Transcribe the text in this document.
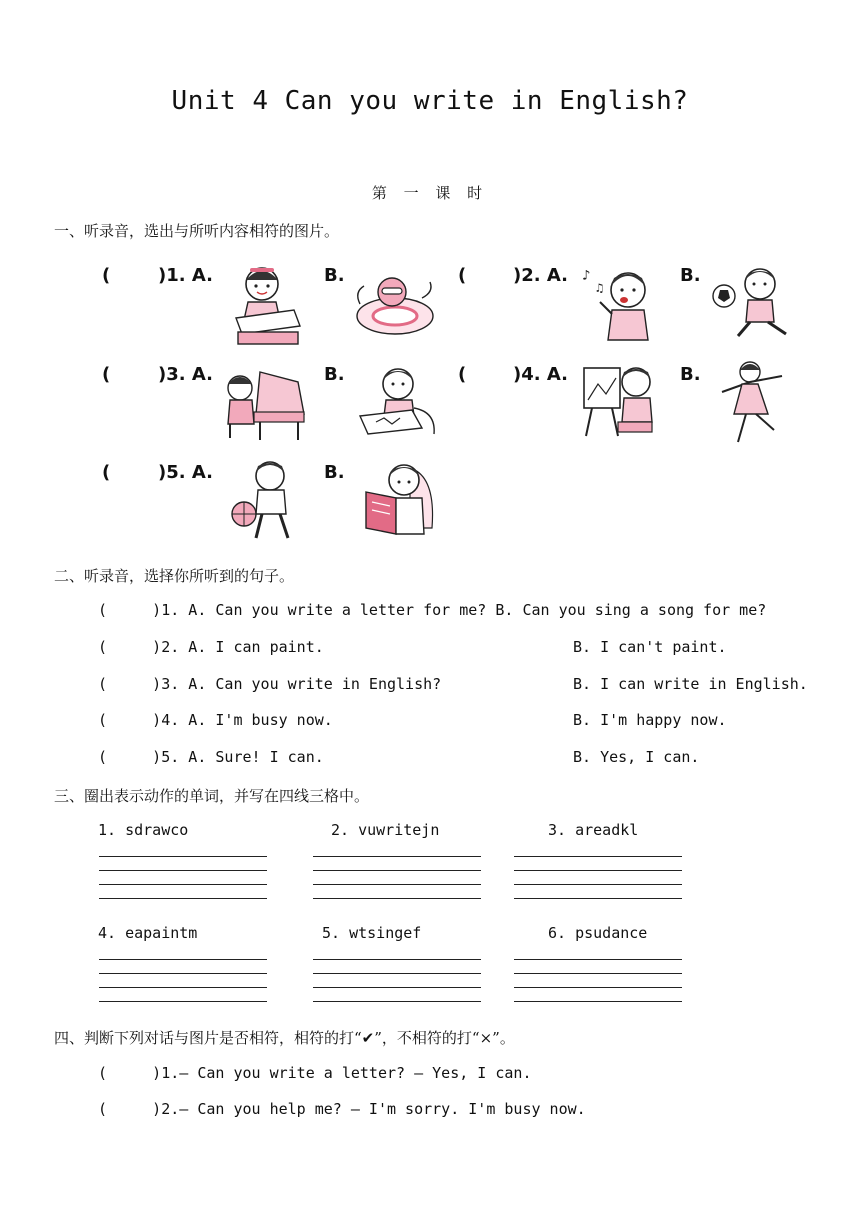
Unit 4 Can you write in English?
第 一 课 时
一、听录音，选出与所听内容相符的图片。
(	)1. A.	B.	(	)2. A.	B.
(	)3. A.	B.	(	)4. A.	B.
(	)5. A.	B.
♪
♫
二、听录音，选择你所听到的句子。
(     )1. A. Can you write a letter for me? B. Can you sing a song for me?
(     )2. A. I can paint.	B. I can't paint.
(     )3. A. Can you write in English?	B. I can write in English.
(     )4. A. I'm busy now.	B. I'm happy now.
(     )5. A. Sure! I can.	B. Yes, I can.
三、圈出表示动作的单词，并写在四线三格中。
1. sdrawco	2. vuwritejn	3. areadkl
4. eapaintm	5. wtsingef	6. psudance
四、判断下列对话与图片是否相符，相符的打“✔”，不相符的打“×”。
(     )1.— Can you write a letter? — Yes, I can.
(     )2.— Can you help me? — I'm sorry. I'm busy now.
